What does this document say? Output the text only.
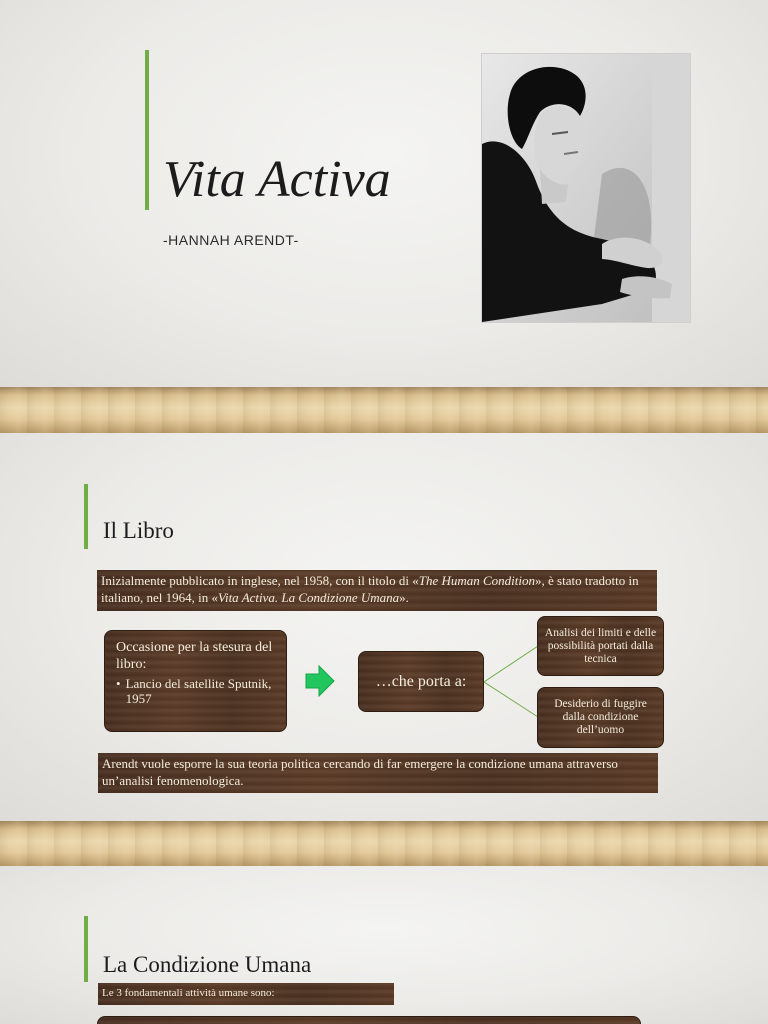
Vita Activa
-HANNAH ARENDT-
Il Libro
Inizialmente pubblicato in inglese, nel 1958, con il titolo di «The Human Condition», è stato tradotto in italiano, nel 1964, in «Vita Activa. La Condizione Umana».
Occasione per la stesura del libro:
• Lancio del satellite Sputnik, 1957
…che porta a:
Analisi dei limiti e delle possibilità portati dalla tecnica
Desiderio di fuggire dalla condizione dell’uomo
Arendt vuole esporre la sua teoria politica cercando di far emergere la condizione umana attraverso un’analisi fenomenologica.
La Condizione Umana
Le 3 fondamentali attività umane sono:
